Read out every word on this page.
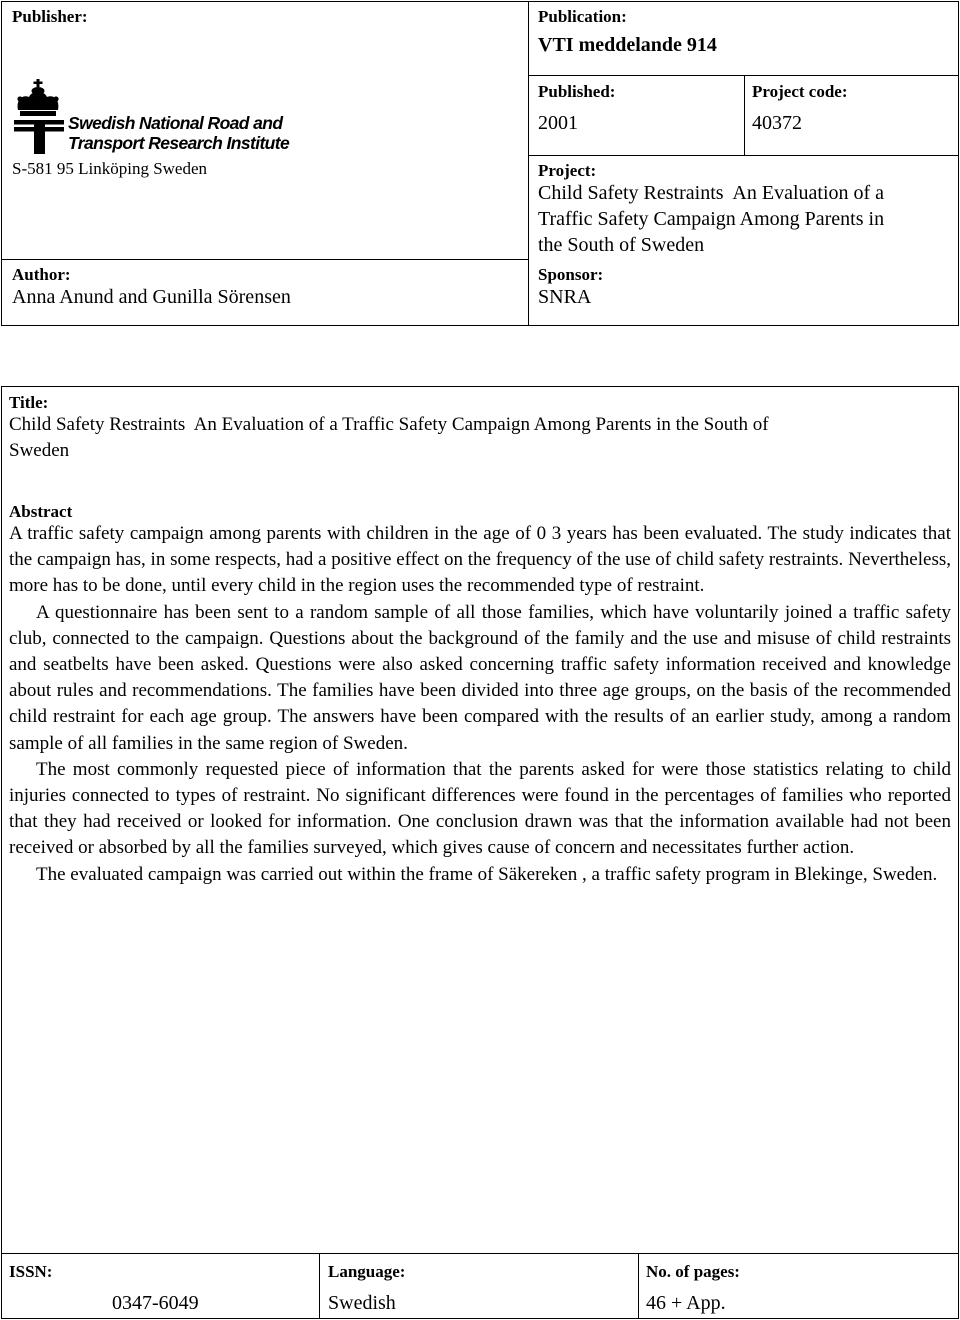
Publisher:
Swedish National Road and
Transport Research Institute
S-581 95 Linköping Sweden
Author:
Anna Anund and Gunilla Sörensen
Publication:
VTI meddelande 914
Published:
2001
Project code:
40372
Project:
Child Safety Restraints  An Evaluation of a
Traffic Safety Campaign Among Parents in
the South of Sweden
Sponsor:
SNRA
Title:
Child Safety Restraints  An Evaluation of a Traffic Safety Campaign Among Parents in the South of
Sweden
Abstract

A traffic safety campaign among parents with children in the age of 0 3 years has been evaluated. The study indicates that the campaign has, in some respects, had a positive effect on the frequency of the use of child safety restraints. Nevertheless, more has to be done, until every child in the region uses the recommended type of restraint.

A questionnaire has been sent to a random sample of all those families, which have voluntarily joined a traffic safety club, connected to the campaign. Questions about the background of the family and the use and misuse of child restraints and seatbelts have been asked. Questions were also asked concerning traffic safety information received and knowledge about rules and recommendations. The families have been divided into three age groups, on the basis of the recommended child restraint for each age group. The answers have been compared with the results of an earlier study, among a random sample of all families in the same region of Sweden.

The most commonly requested piece of information that the parents asked for were those statistics relating to child injuries connected to types of restraint. No significant differences were found in the percentages of families who reported that they had received or looked for information. One conclusion drawn was that the information available had not been received or absorbed by all the families surveyed, which gives cause of concern and necessitates further action.

The evaluated campaign was carried out within the frame of Säkereken , a traffic safety program in Blekinge, Sweden.

ISSN:
0347-6049
Language:
Swedish
No. of pages:
46 + App.
